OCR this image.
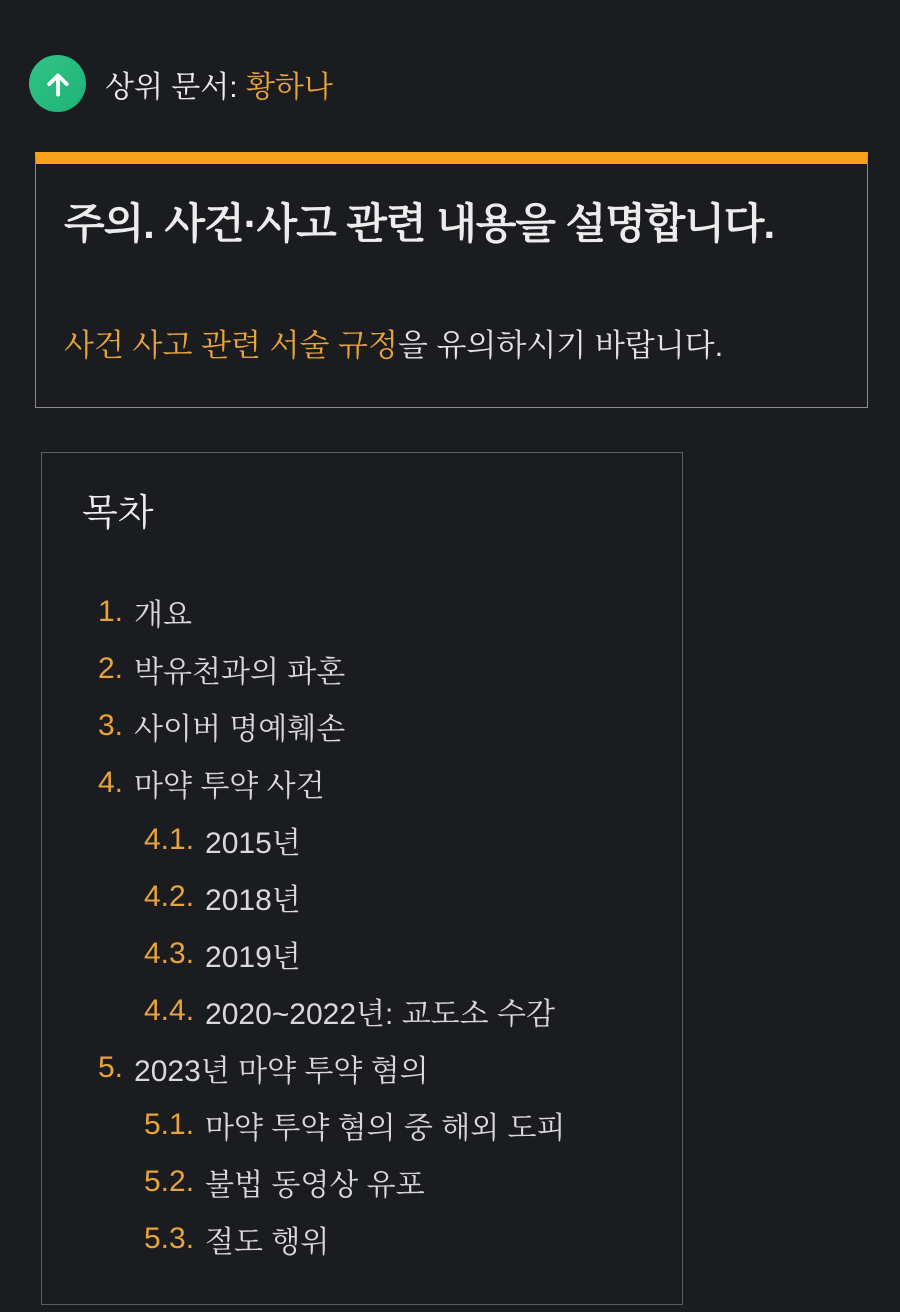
상위 문서: 황하나
주의. 사건·사고 관련 내용을 설명합니다.
사건 사고 관련 서술 규정을 유의하시기 바랍니다.
목차
1. 개요
2. 박유천과의 파혼
3. 사이버 명예훼손
4. 마약 투약 사건
4.1. 2015년
4.2. 2018년
4.3. 2019년
4.4. 2020~2022년: 교도소 수감
5. 2023년 마약 투약 혐의
5.1. 마약 투약 혐의 중 해외 도피
5.2. 불법 동영상 유포
5.3. 절도 행위
